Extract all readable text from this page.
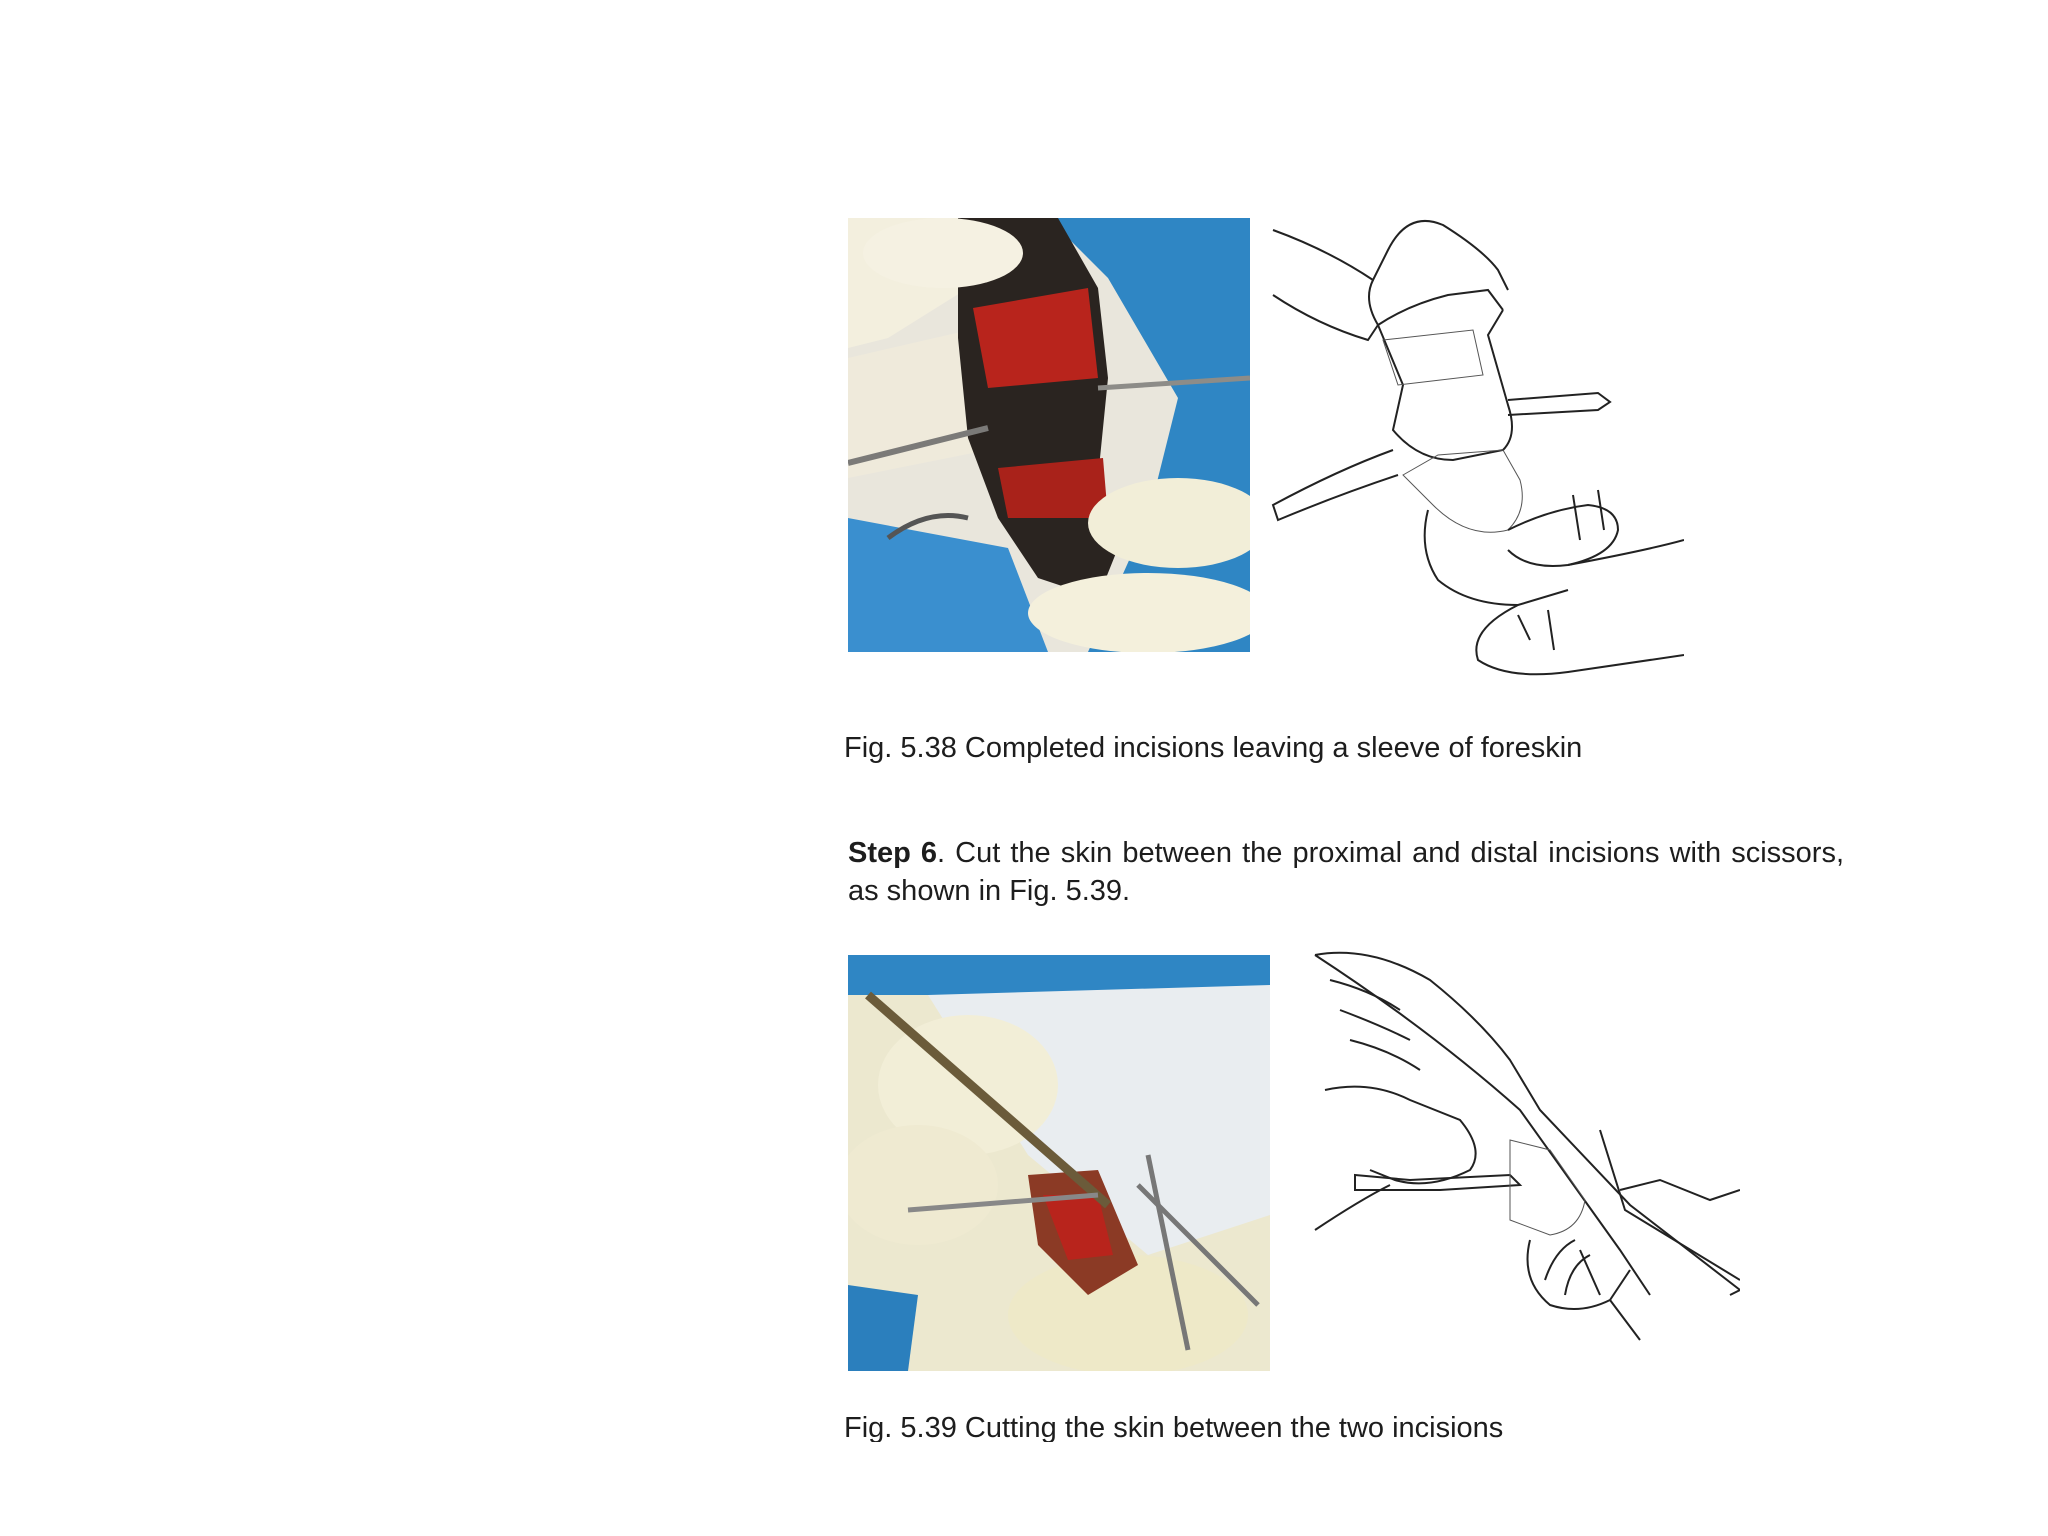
Fig. 5.38 Completed incisions leaving a sleeve of foreskin
Step 6. Cut the skin between the proximal and distal incisions with scissors, as shown in Fig. 5.39.
Fig. 5.39 Cutting the skin between the two incisions
